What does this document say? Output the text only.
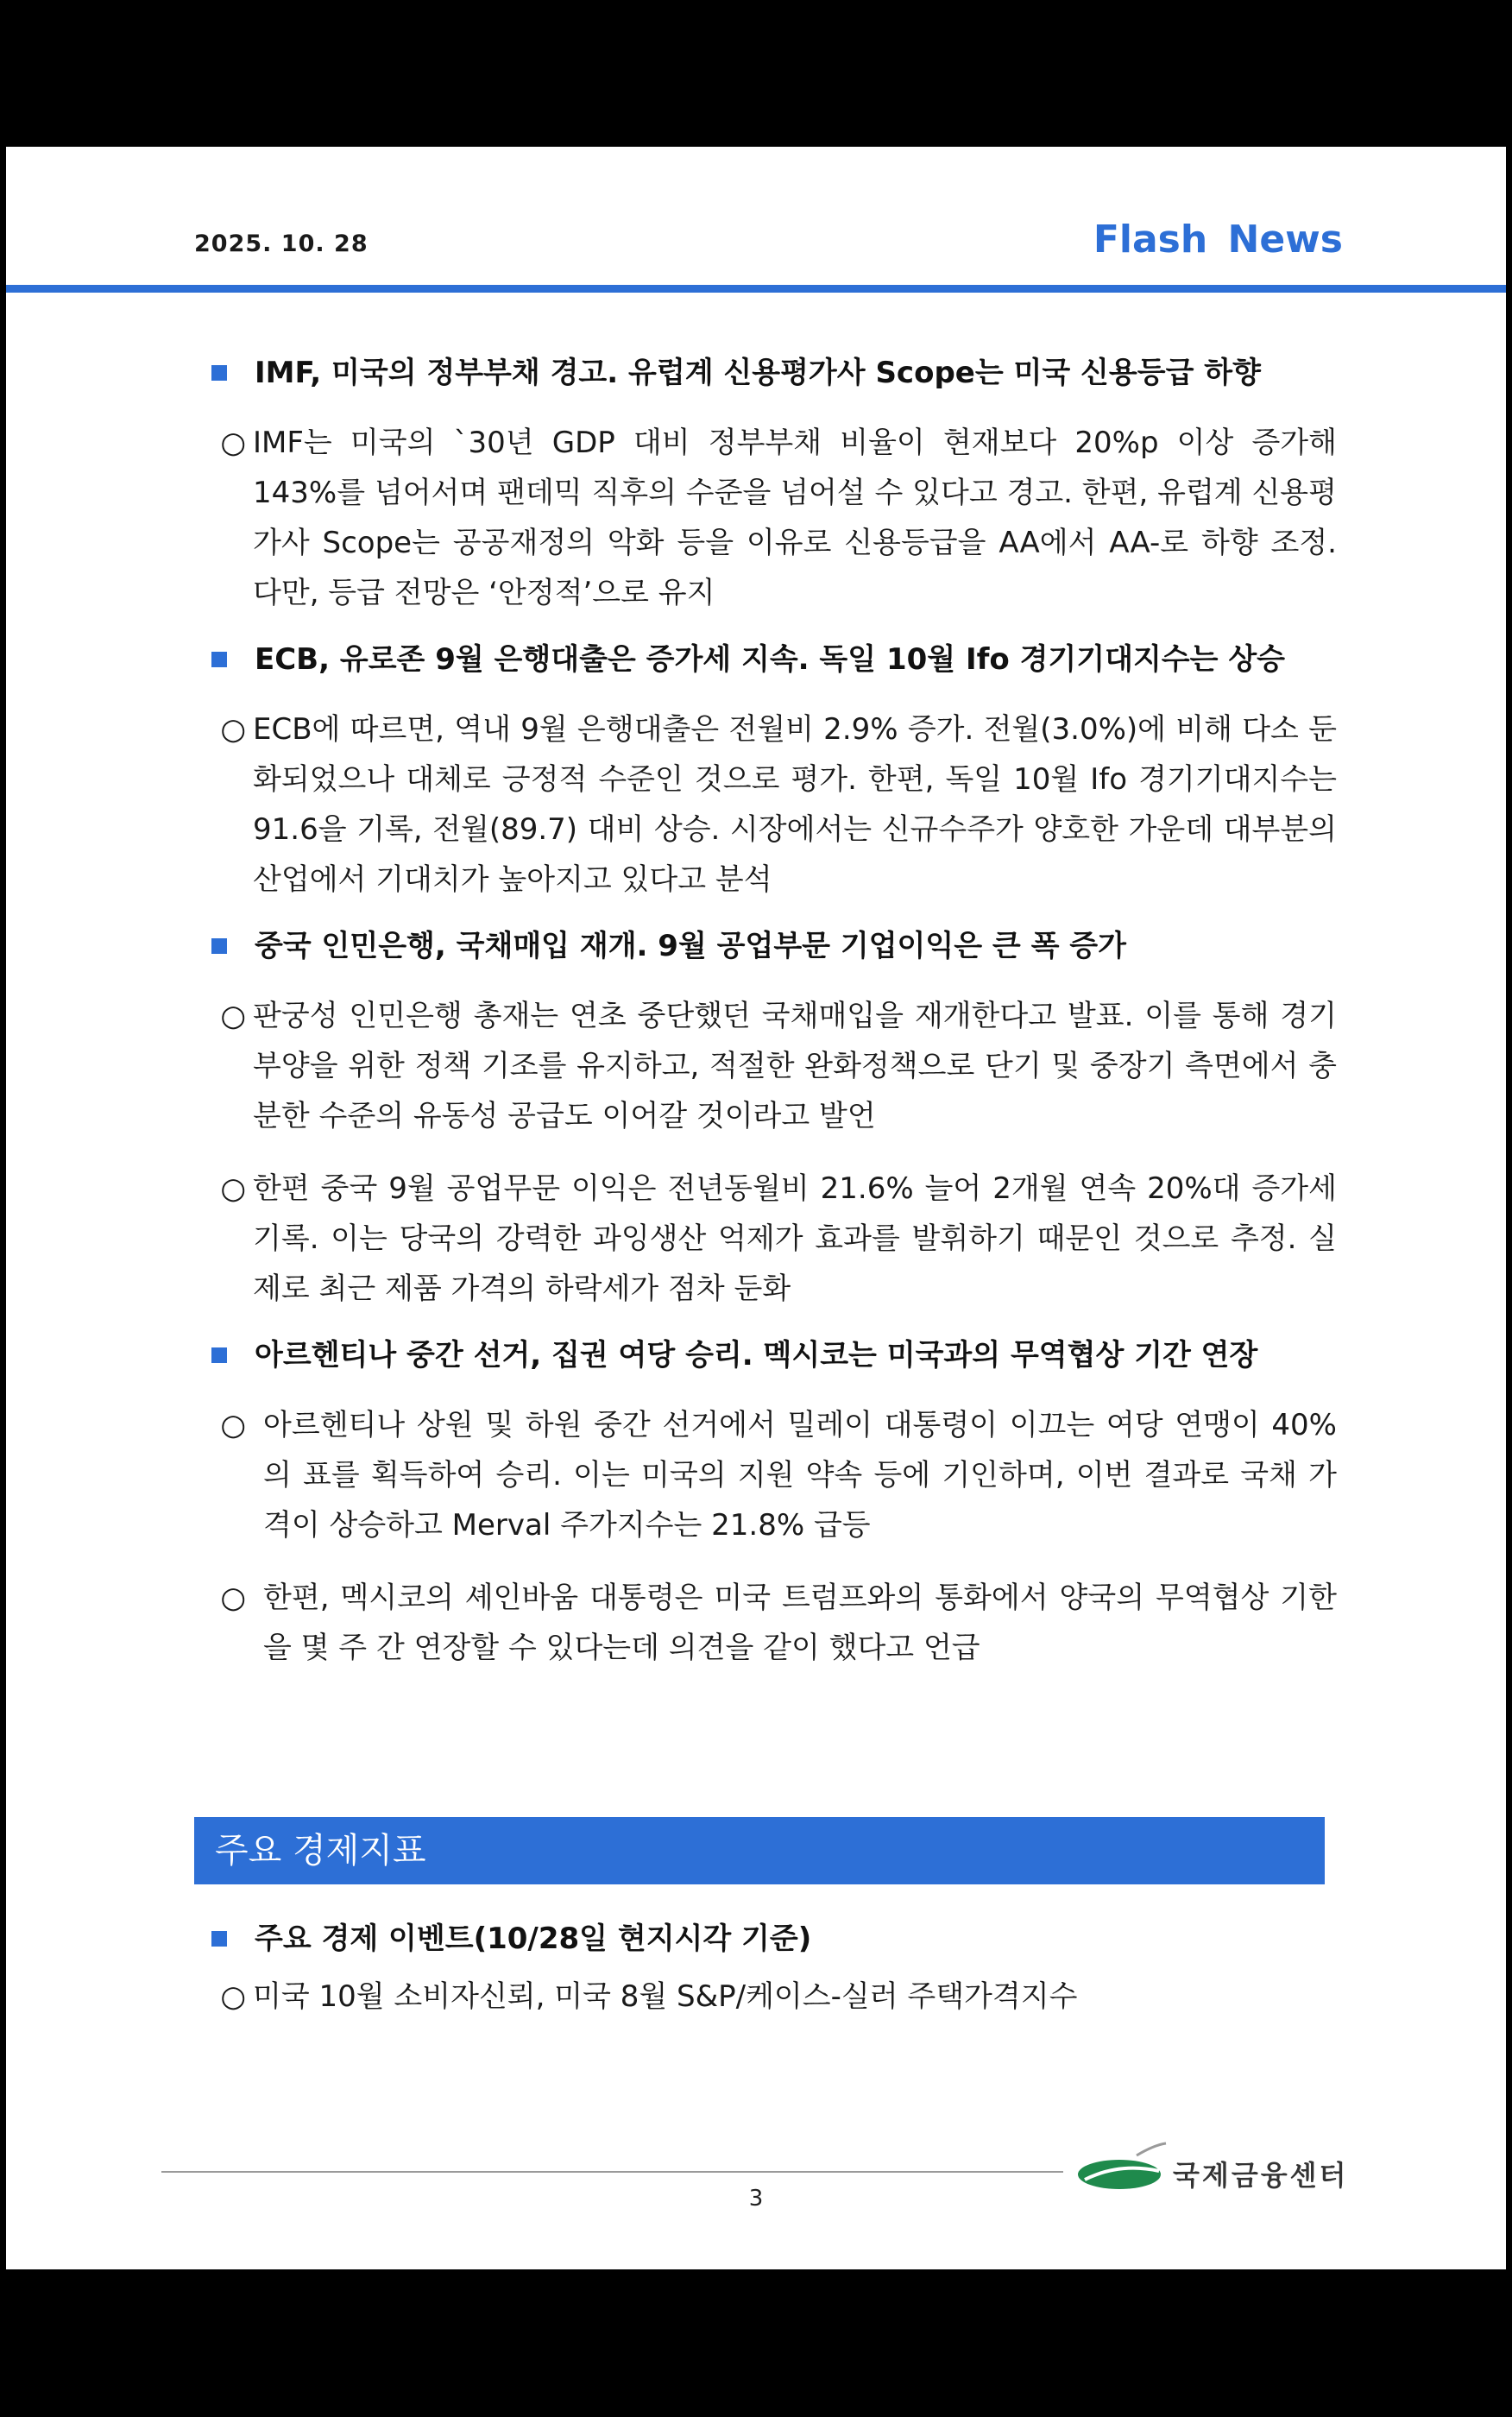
2025. 10. 28	Flash News
IMF, 미국의 정부부채 경고. 유럽계 신용평가사 Scope는 미국 신용등급 하향
○ IMF는 미국의 `30년 GDP 대비 정부부채 비율이 현재보다 20%p 이상 증가해 143%를 넘어서며 팬데믹 직후의 수준을 넘어설 수 있다고 경고. 한편, 유럽계 신용평가사 Scope는 공공재정의 악화 등을 이유로 신용등급을 AA에서 AA-로 하향 조정. 다만, 등급 전망은 ‘안정적’으로 유지
ECB, 유로존 9월 은행대출은 증가세 지속. 독일 10월 Ifo 경기기대지수는 상승
○ ECB에 따르면, 역내 9월 은행대출은 전월비 2.9% 증가. 전월(3.0%)에 비해 다소 둔화되었으나 대체로 긍정적 수준인 것으로 평가. 한편, 독일 10월 Ifo 경기기대지수는 91.6을 기록, 전월(89.7) 대비 상승. 시장에서는 신규수주가 양호한 가운데 대부분의 산업에서 기대치가 높아지고 있다고 분석
중국 인민은행, 국채매입 재개. 9월 공업부문 기업이익은 큰 폭 증가
○ 판궁성 인민은행 총재는 연초 중단했던 국채매입을 재개한다고 발표. 이를 통해 경기부양을 위한 정책 기조를 유지하고, 적절한 완화정책으로 단기 및 중장기 측면에서 충분한 수준의 유동성 공급도 이어갈 것이라고 발언
○ 한편 중국 9월 공업무문 이익은 전년동월비 21.6% 늘어 2개월 연속 20%대 증가세 기록. 이는 당국의 강력한 과잉생산 억제가 효과를 발휘하기 때문인 것으로 추정. 실제로 최근 제품 가격의 하락세가 점차 둔화
아르헨티나 중간 선거, 집권 여당 승리. 멕시코는 미국과의 무역협상 기간 연장
○ 아르헨티나 상원 및 하원 중간 선거에서 밀레이 대통령이 이끄는 여당 연맹이 40%의 표를 획득하여 승리. 이는 미국의 지원 약속 등에 기인하며, 이번 결과로 국채 가격이 상승하고 Merval 주가지수는 21.8% 급등
○ 한편, 멕시코의 셰인바움 대통령은 미국 트럼프와의 통화에서 양국의 무역협상 기한을 몇 주 간 연장할 수 있다는데 의견을 같이 했다고 언급
주요 경제지표
주요 경제 이벤트(10/28일 현지시각 기준)
○ 미국 10월 소비자신뢰, 미국 8월 S&P/케이스-실러 주택가격지수
국제금융센터
3
